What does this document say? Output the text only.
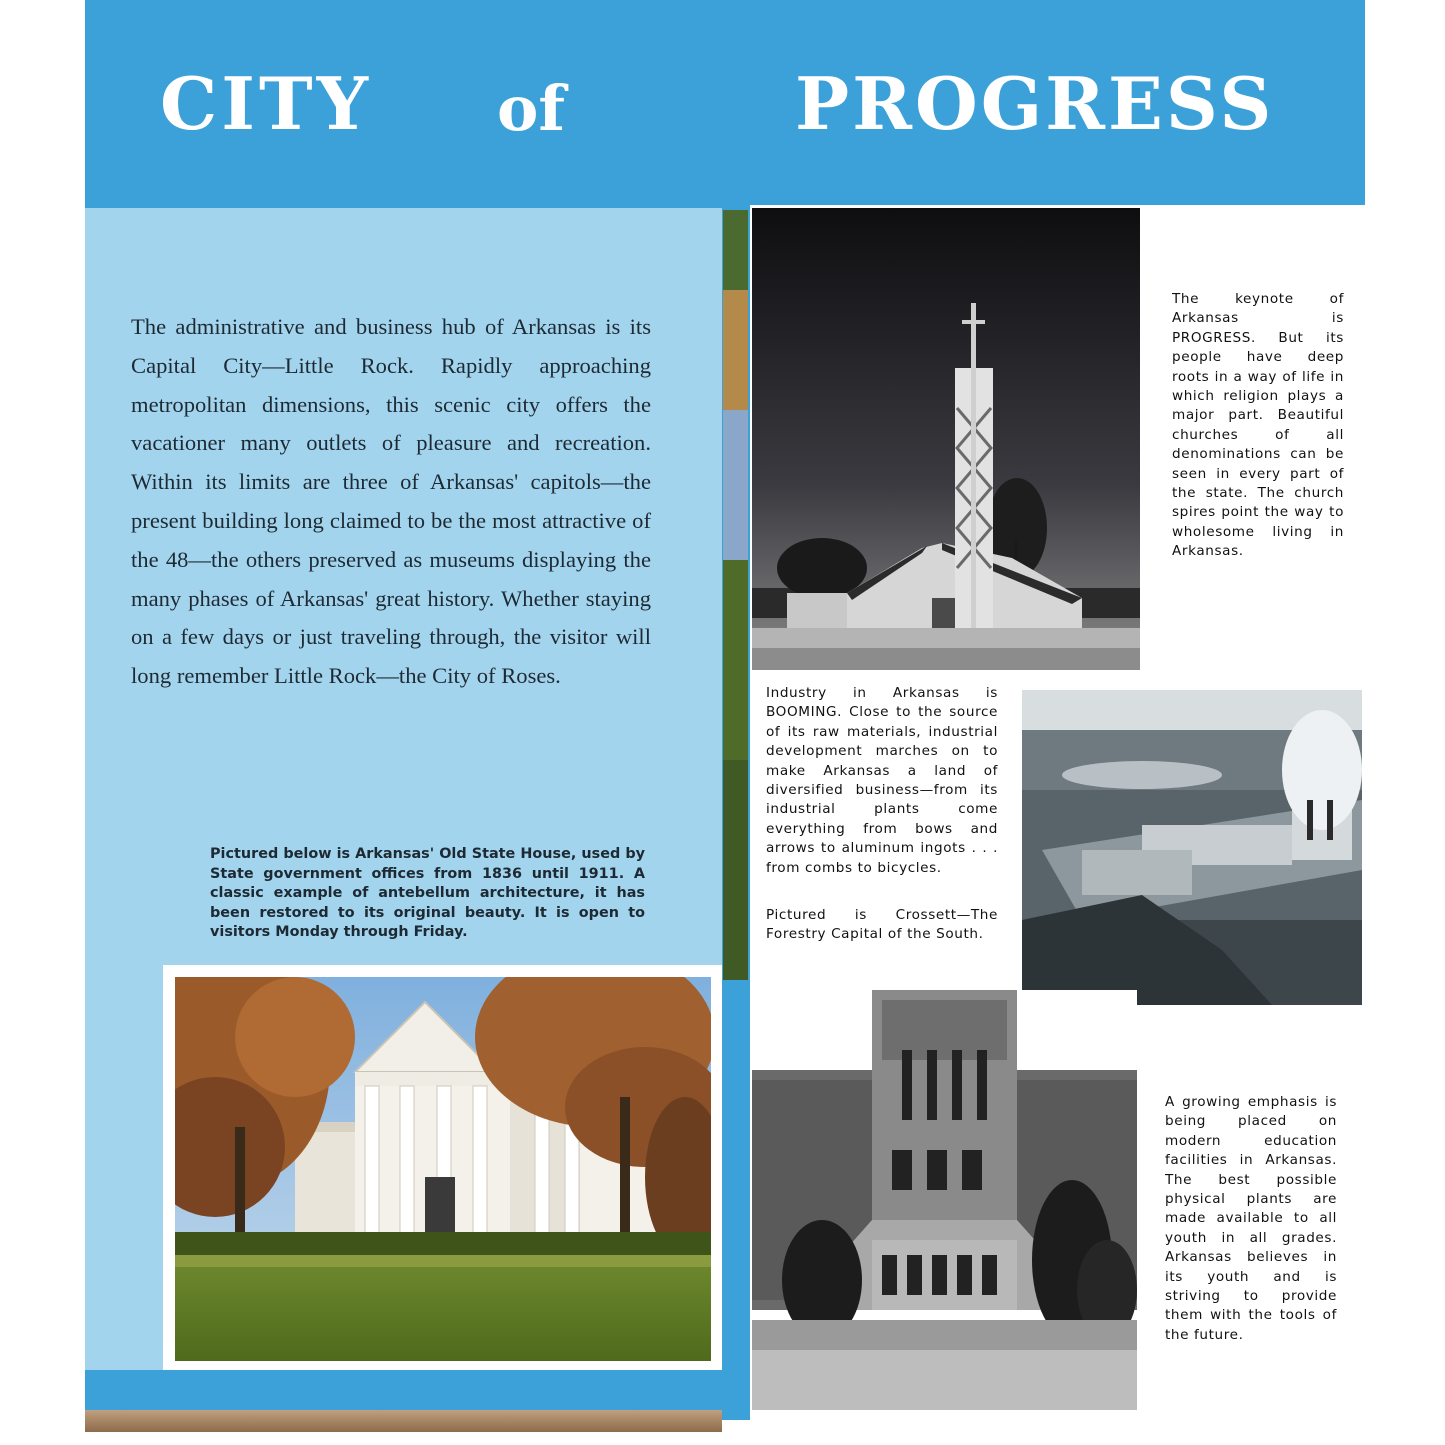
The administrative and business hub of Arkansas is its Capital City—Little Rock. Rapidly approaching metropolitan dimensions, this scenic city offers the vacationer many outlets of pleasure and recreation. Within its limits are three of Arkansas' capitols—the present building long claimed to be the most attractive of the 48—the others preserved as museums displaying the many phases of Arkansas' great history. Whether staying on a few days or just traveling through, the visitor will long remember Little Rock—the City of Roses.

Pictured below is Arkansas' Old State House, used by State government offices from 1836 until 1911. A classic example of antebellum architecture, it has been restored to its original beauty. It is open to visitors Monday through Friday.

CITY of	PROGRESS

The keynote of Arkansas is PROGRESS. But its people have deep roots in a way of life in which religion plays a major part. Beautiful churches of all denominations can be seen in every part of the state. The church spires point the way to wholesome living in Arkansas.

Industry in Arkansas is BOOMING. Close to the source of its raw materials, industrial development marches on to make Arkansas a land of diversified business—from its industrial plants come everything from bows and arrows to aluminum ingots . . . from combs to bicycles.

Pictured is Crossett—The Forestry Capital of the South.

A growing emphasis is being placed on modern education facilities in Arkansas. The best possible physical plants are made available to all youth in all grades. Arkansas believes in its youth and is striving to provide them with the tools of the future.
